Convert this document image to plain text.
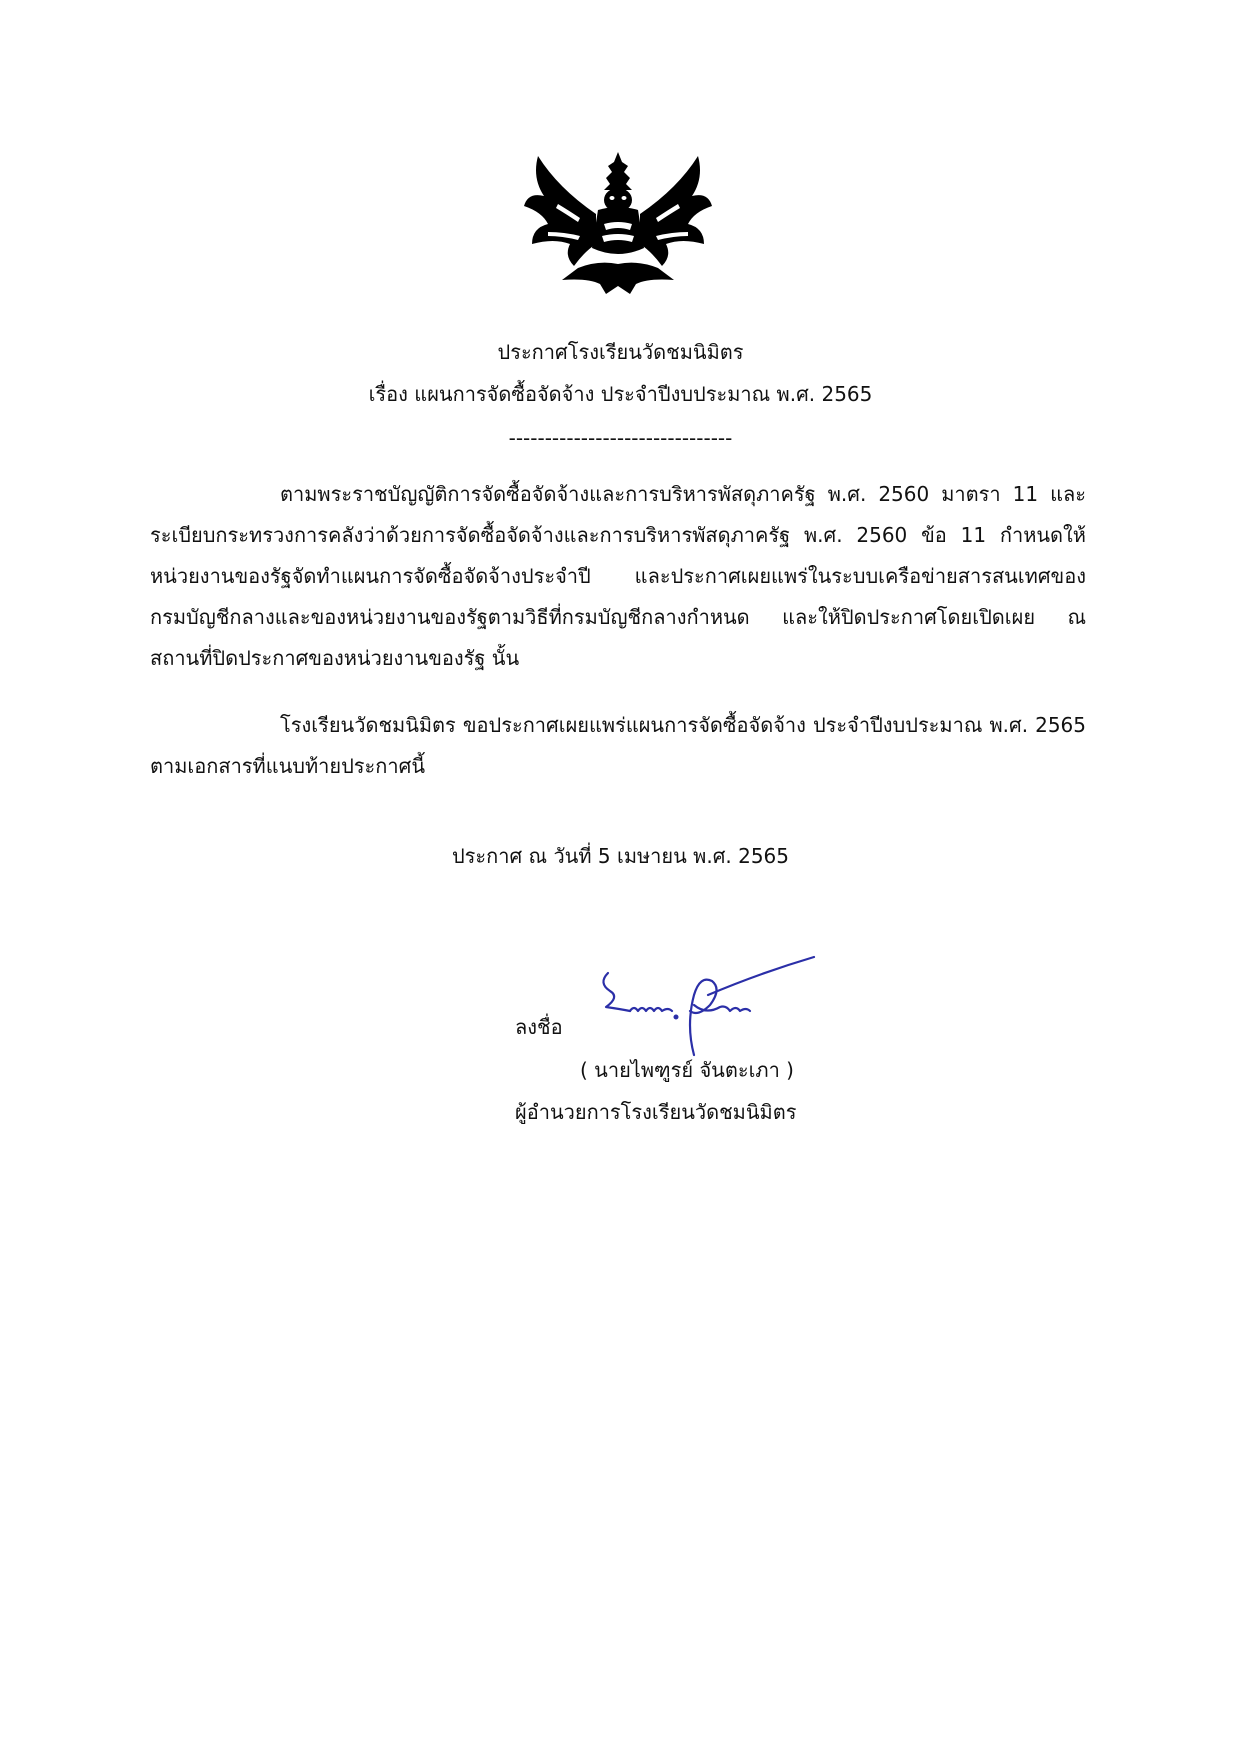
ประกาศโรงเรียนวัดชมนิมิตร
เรื่อง แผนการจัดซื้อจัดจ้าง ประจำปีงบประมาณ พ.ศ. 2565
-------------------------------
ตามพระราชบัญญัติการจัดซื้อจัดจ้างและการบริหารพัสดุภาครัฐ พ.ศ. 2560 มาตรา 11 และ ระเบียบกระทรวงการคลังว่าด้วยการจัดซื้อจัดจ้างและการบริหารพัสดุภาครัฐ พ.ศ. 2560 ข้อ 11 กำหนดให้ หน่วยงานของรัฐจัดทำแผนการจัดซื้อจัดจ้างประจำปี และประกาศเผยแพร่ในระบบเครือข่ายสารสนเทศของ กรมบัญชีกลางและของหน่วยงานของรัฐตามวิธีที่กรมบัญชีกลางกำหนด และให้ปิดประกาศโดยเปิดเผย ณ สถานที่ปิดประกาศของหน่วยงานของรัฐ นั้น
โรงเรียนวัดชมนิมิตร ขอประกาศเผยแพร่แผนการจัดซื้อจัดจ้าง ประจำปีงบประมาณ พ.ศ. 2565 ตามเอกสารที่แนบท้ายประกาศนี้
ประกาศ ณ วันที่ 5 เมษายน พ.ศ. 2565
ลงชื่อ
( นายไพฑูรย์ จันตะเภา )
ผู้อำนวยการโรงเรียนวัดชมนิมิตร
